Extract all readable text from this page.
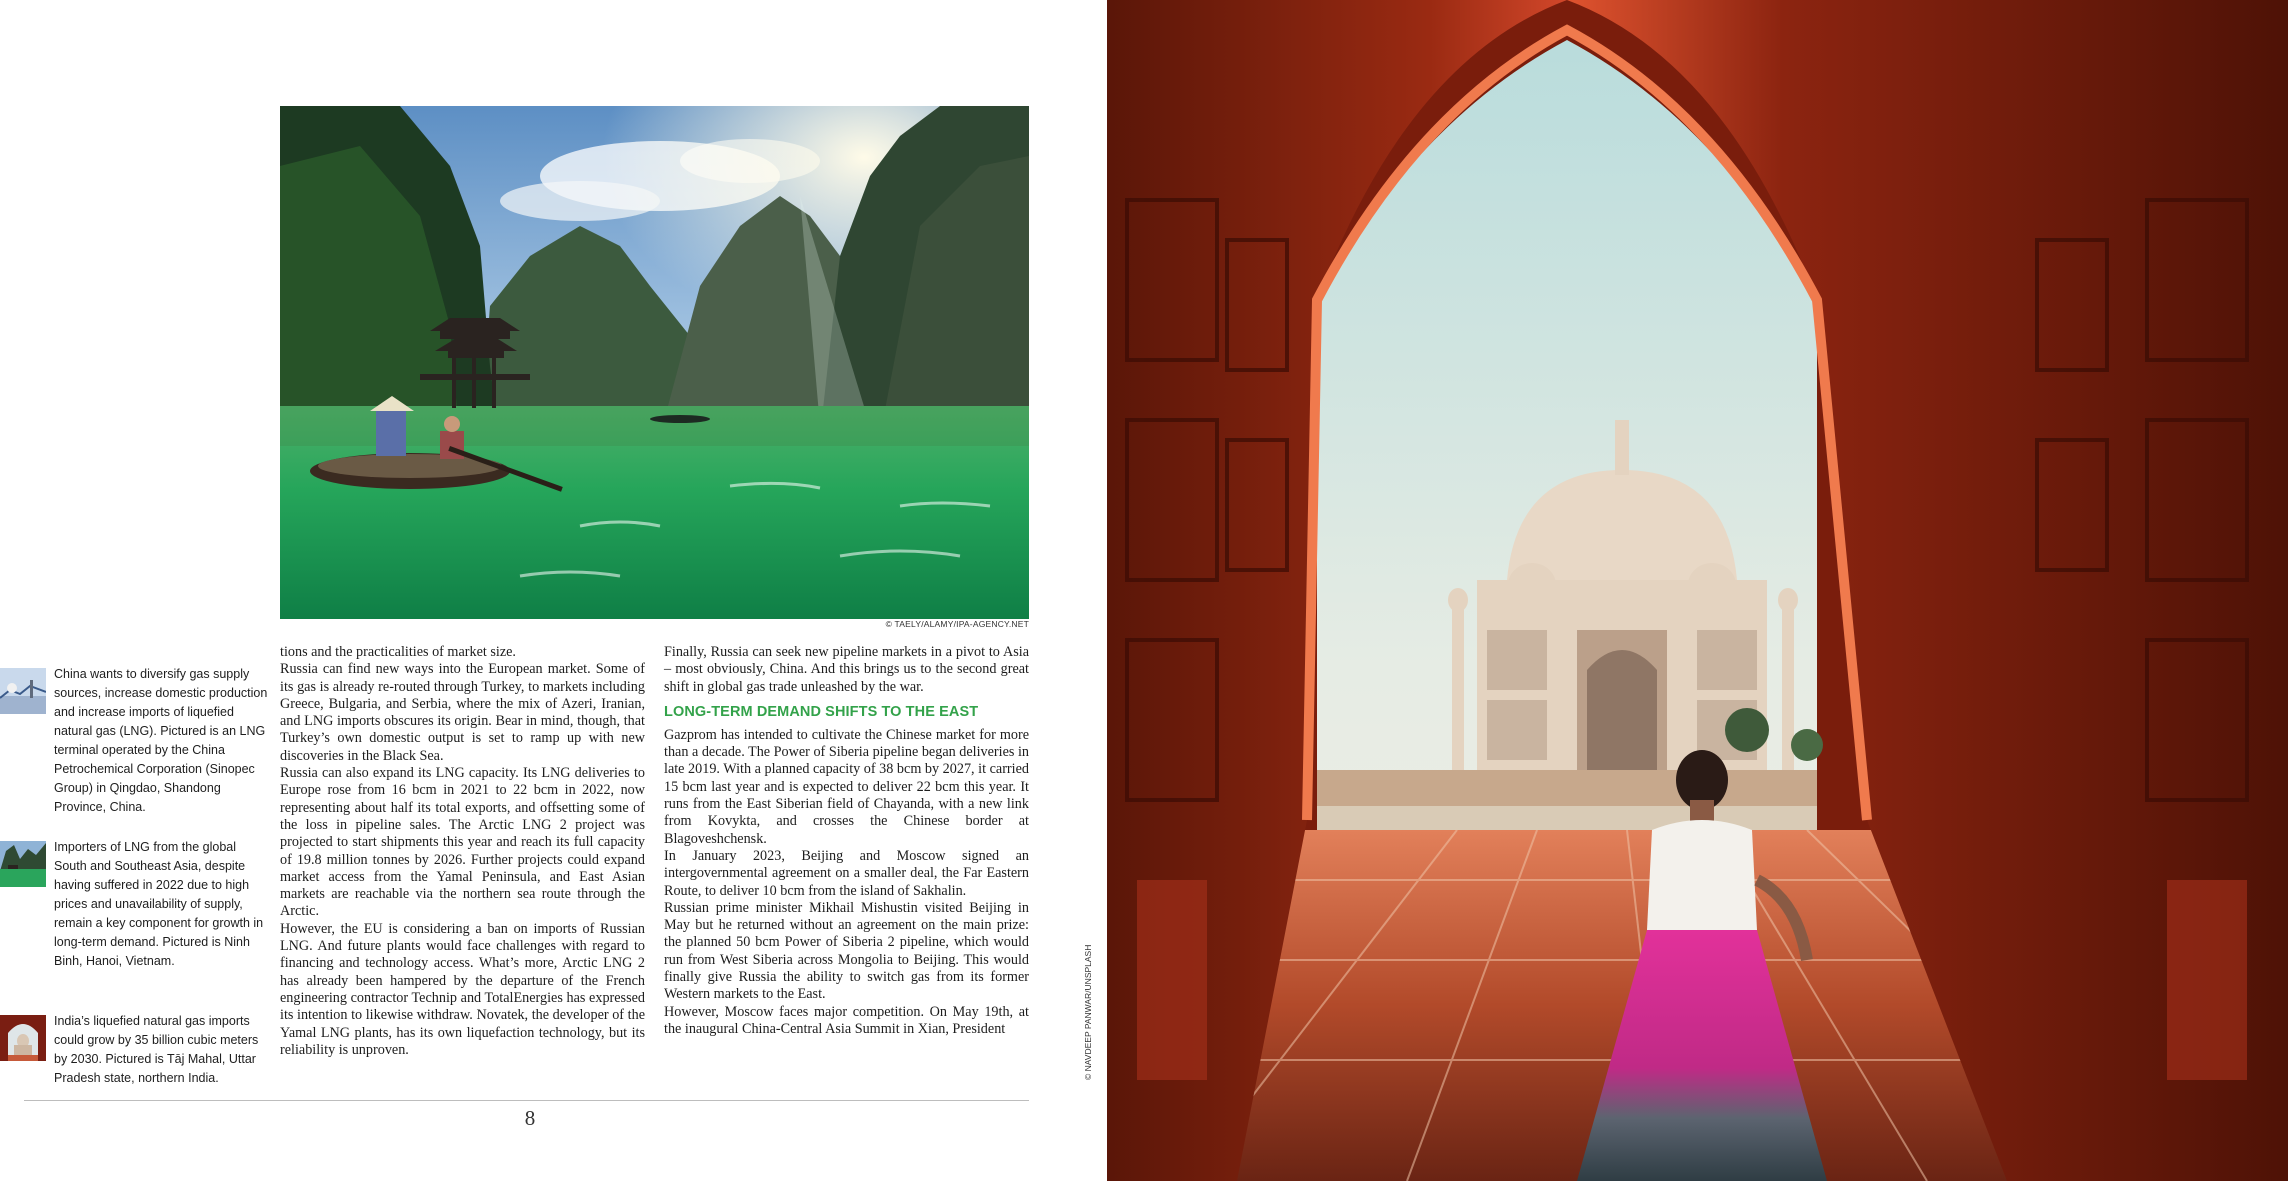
© TAELY/ALAMY/IPA-AGENCY.NET
China wants to diversify gas supply sources, increase domestic production and increase imports of liquefied natural gas (LNG). Pictured is an LNG terminal operated by the China Petrochemical Corporation (Sinopec Group) in Qingdao, Shandong Province, China.
Importers of LNG from the global South and Southeast Asia, despite having suffered in 2022 due to high prices and unavailability of supply, remain a key component for growth in long-term demand. Pictured is Ninh Binh, Hanoi, Vietnam.
India’s liquefied natural gas imports could grow by 35 billion cubic meters by 2030. Pictured is Tāj Mahal, Uttar Pradesh state, northern India.

tions and the practicalities of market size.

Russia can find new ways into the European market. Some of its gas is already re-routed through Turkey, to markets including Greece, Bulgaria, and Serbia, where the mix of Azeri, Iranian, and LNG imports obscures its origin. Bear in mind, though, that Turkey’s own domestic output is set to ramp up with new discoveries in the Black Sea.

Russia can also expand its LNG capacity. Its LNG deliveries to Europe rose from 16 bcm in 2021 to 22 bcm in 2022, now representing about half its total exports, and offsetting some of the loss in pipeline sales. The Arctic LNG 2 project was projected to start shipments this year and reach its full capacity of 19.8 million tonnes by 2026. Further projects could expand market access from the Yamal Peninsula, and East Asian markets are reachable via the northern sea route through the Arctic.

However, the EU is considering a ban on imports of Russian LNG. And future plants would face challenges with regard to financing and technology access. What’s more, Arctic LNG 2 has already been hampered by the departure of the French engineering contractor Technip and TotalEnergies has expressed its intention to likewise withdraw. Novatek, the developer of the Yamal LNG plants, has its own liquefaction technology, but its reliability is unproven.

Finally, Russia can seek new pipeline markets in a pivot to Asia – most obviously, China. And this brings us to the second great shift in global gas trade unleashed by the war.

LONG-TERM DEMAND SHIFTS TO THE EAST

Gazprom has intended to cultivate the Chinese market for more than a decade. The Power of Siberia pipeline began deliveries in late 2019. With a planned capacity of 38 bcm by 2027, it carried 15 bcm last year and is expected to deliver 22 bcm this year. It runs from the East Siberian field of Chayanda, with a new link from Kovykta, and crosses the Chinese border at Blagoveshchensk.

In January 2023, Beijing and Moscow signed an intergovernmental agreement on a smaller deal, the Far Eastern Route, to deliver 10 bcm from the island of Sakhalin.

Russian prime minister Mikhail Mishustin visited Beijing in May but he returned without an agreement on the main prize: the planned 50 bcm Power of Siberia 2 pipeline, which would run from West Siberia across Mongolia to Beijing. This would finally give Russia the ability to switch gas from its former Western markets to the East.

However, Moscow faces major competition. On May 19th, at the inaugural China-Central Asia Summit in Xian, President

8
© NAVDEEP PANWAR/UNSPLASH
